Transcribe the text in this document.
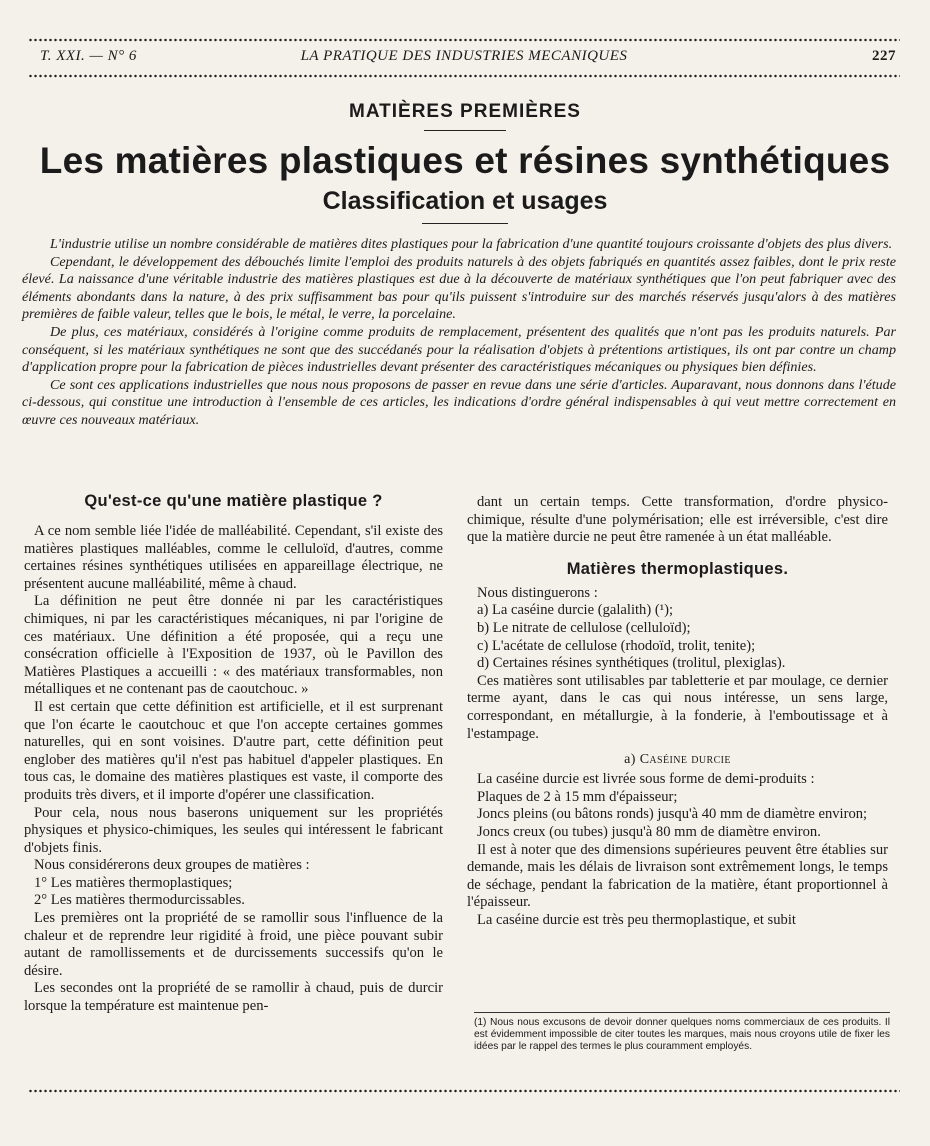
T. XXI. — N° 6	LA PRATIQUE DES INDUSTRIES MECANIQUES	227
MATIÈRES PREMIÈRES
Les matières plastiques et résines synthétiques
Classification et usages

L'industrie utilise un nombre considérable de matières dites plastiques pour la fabrication d'une quantité toujours croissante d'objets des plus divers.

Cependant, le développement des débouchés limite l'emploi des produits naturels à des objets fabriqués en quantités assez faibles, dont le prix reste élevé. La naissance d'une véritable industrie des matières plastiques est due à la découverte de matériaux synthétiques que l'on peut fabriquer avec des éléments abondants dans la nature, à des prix suffisamment bas pour qu'ils puissent s'introduire sur des marchés réservés jusqu'alors à des matières premières de faible valeur, telles que le bois, le métal, le verre, la porcelaine.

De plus, ces matériaux, considérés à l'origine comme produits de remplacement, présentent des qualités que n'ont pas les produits naturels. Par conséquent, si les matériaux synthétiques ne sont que des succédanés pour la réalisation d'objets à prétentions artistiques, ils ont par contre un champ d'application propre pour la fabrication de pièces industrielles devant présenter des caractéristiques mécaniques ou physiques bien définies.

Ce sont ces applications industrielles que nous nous proposons de passer en revue dans une série d'articles. Auparavant, nous donnons dans l'étude ci-dessous, qui constitue une introduction à l'ensemble de ces articles, les indications d'ordre général indispensables à qui veut mettre correctement en œuvre ces nouveaux matériaux.

Qu'est-ce qu'une matière plastique ?

A ce nom semble liée l'idée de malléabilité. Cependant, s'il existe des matières plastiques malléables, comme le celluloïd, d'autres, comme certaines résines synthétiques utilisées en appareillage électrique, ne présentent aucune malléabilité, même à chaud.

La définition ne peut être donnée ni par les caractéristiques chimiques, ni par les caractéristiques mécaniques, ni par l'origine de ces matériaux. Une définition a été proposée, qui a reçu une consécration officielle à l'Exposition de 1937, où le Pavillon des Matières Plastiques a accueilli : « des matériaux transformables, non métalliques et ne contenant pas de caoutchouc. »

Il est certain que cette définition est artificielle, et il est surprenant que l'on écarte le caoutchouc et que l'on accepte certaines gommes naturelles, qui en sont voisines. D'autre part, cette définition peut englober des matières qu'il n'est pas habituel d'appeler plastiques. En tous cas, le domaine des matières plastiques est vaste, il comporte des produits très divers, et il importe d'opérer une classification.

Pour cela, nous nous baserons uniquement sur les propriétés physiques et physico-chimiques, les seules qui intéressent le fabricant d'objets finis.

Nous considérerons deux groupes de matières :

1° Les matières thermoplastiques;

2° Les matières thermodurcissables.

Les premières ont la propriété de se ramollir sous l'influence de la chaleur et de reprendre leur rigidité à froid, une pièce pouvant subir autant de ramollissements et de durcissements successifs qu'on le désire.

Les secondes ont la propriété de se ramollir à chaud, puis de durcir lorsque la température est maintenue pen-

dant un certain temps. Cette transformation, d'ordre physico-chimique, résulte d'une polymérisation; elle est irréversible, c'est dire que la matière durcie ne peut être ramenée à un état malléable.

Matières thermoplastiques.

Nous distinguerons :

a) La caséine durcie (galalith) (¹);

b) Le nitrate de cellulose (celluloïd);

c) L'acétate de cellulose (rhodoïd, trolit, tenite);

d) Certaines résines synthétiques (trolitul, plexiglas).

Ces matières sont utilisables par tabletterie et par moulage, ce dernier terme ayant, dans le cas qui nous intéresse, un sens large, correspondant, en métallurgie, à la fonderie, à l'emboutissage et à l'estampage.

a) Caséine durcie

La caséine durcie est livrée sous forme de demi-produits :

Plaques de 2 à 15 mm d'épaisseur;

Joncs pleins (ou bâtons ronds) jusqu'à 40 mm de diamètre environ;

Joncs creux (ou tubes) jusqu'à 80 mm de diamètre environ.

Il est à noter que des dimensions supérieures peuvent être établies sur demande, mais les délais de livraison sont extrêmement longs, le temps de séchage, pendant la fabrication de la matière, étant proportionnel à l'épaisseur.

La caséine durcie est très peu thermoplastique, et subit

(1) Nous nous excusons de devoir donner quelques noms commerciaux de ces produits. Il est évidemment impossible de citer toutes les marques, mais nous croyons utile de fixer les idées par le rappel des termes le plus couramment employés.
